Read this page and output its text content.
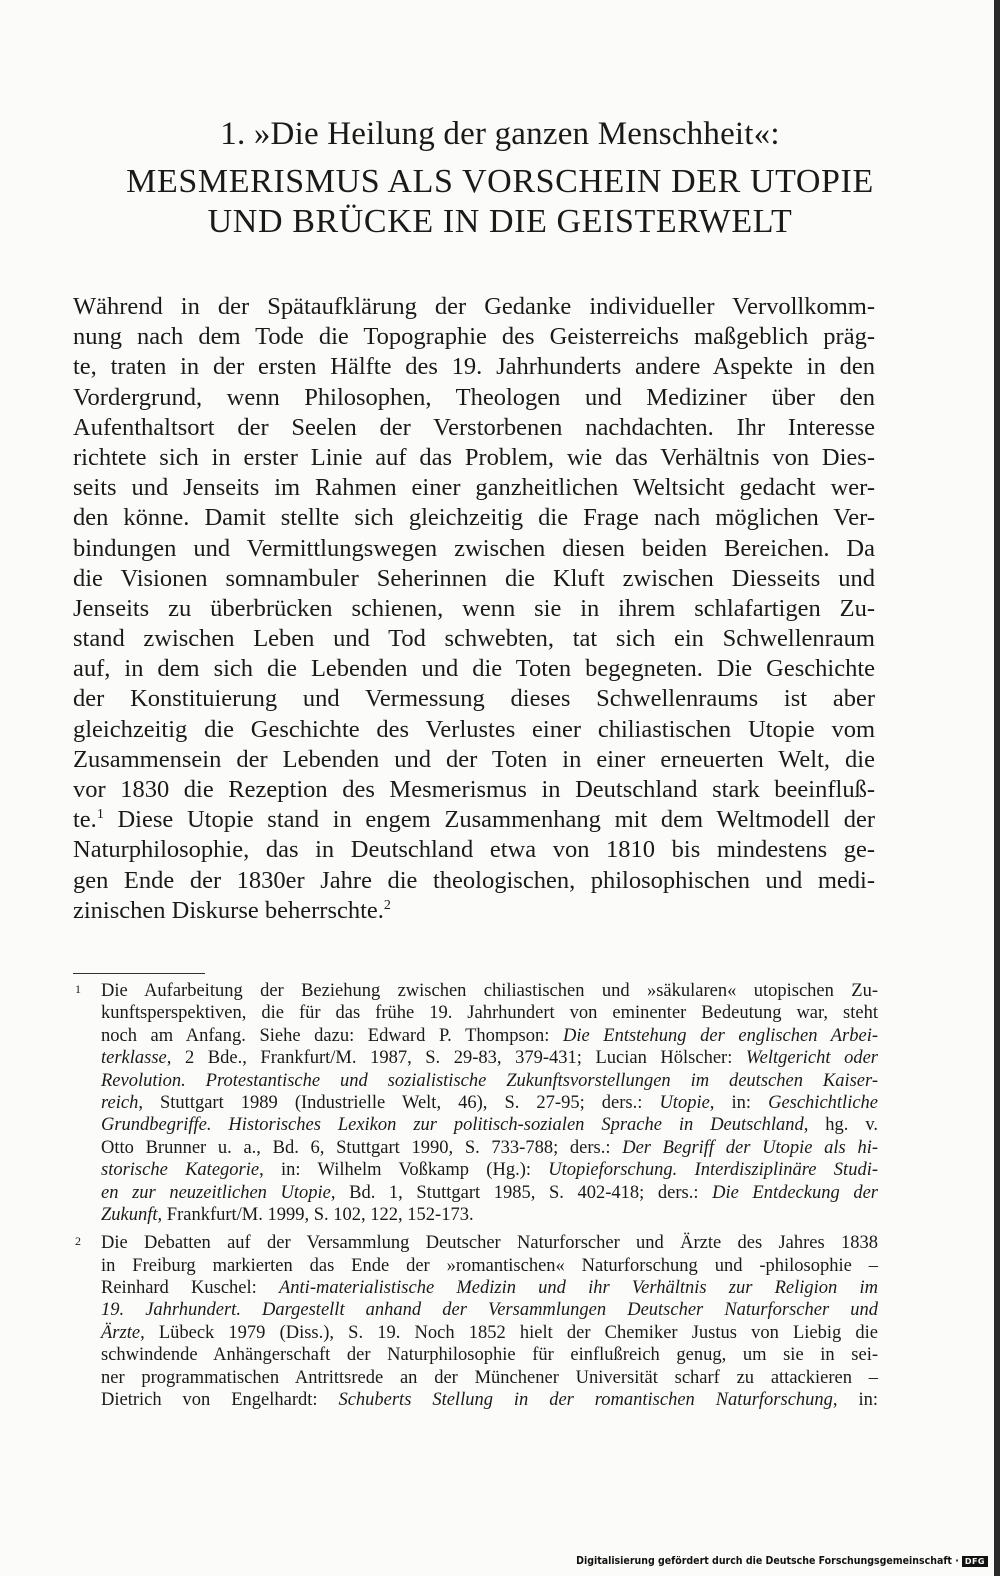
1. »Die Heilung der ganzen Menschheit«:
MESMERISMUS ALS VORSCHEIN DER UTOPIE
UND BRÜCKE IN DIE GEISTERWELT
Während in der Spätaufklärung der Gedanke individueller Vervollkomm-
nung nach dem Tode die Topographie des Geisterreichs maßgeblich präg-
te, traten in der ersten Hälfte des 19. Jahrhunderts andere Aspekte in den
Vordergrund, wenn Philosophen, Theologen und Mediziner über den
Aufenthaltsort der Seelen der Verstorbenen nachdachten. Ihr Interesse
richtete sich in erster Linie auf das Problem, wie das Verhältnis von Dies-
seits und Jenseits im Rahmen einer ganzheitlichen Weltsicht gedacht wer-
den könne. Damit stellte sich gleichzeitig die Frage nach möglichen Ver-
bindungen und Vermittlungswegen zwischen diesen beiden Bereichen. Da
die Visionen somnambuler Seherinnen die Kluft zwischen Diesseits und
Jenseits zu überbrücken schienen, wenn sie in ihrem schlafartigen Zu-
stand zwischen Leben und Tod schwebten, tat sich ein Schwellenraum
auf, in dem sich die Lebenden und die Toten begegneten. Die Geschichte
der Konstituierung und Vermessung dieses Schwellenraums ist aber
gleichzeitig die Geschichte des Verlustes einer chiliastischen Utopie vom
Zusammensein der Lebenden und der Toten in einer erneuerten Welt, die
vor 1830 die Rezeption des Mesmerismus in Deutschland stark beeinfluß-
te.$^1$ Diese Utopie stand in engem Zusammenhang mit dem Weltmodell der
Naturphilosophie, das in Deutschland etwa von 1810 bis mindestens ge-
gen Ende der 1830er Jahre die theologischen, philosophischen und medi-
zinischen Diskurse beherrschte.$^2$
1 Die Aufarbeitung der Beziehung zwischen chiliastischen und »säkularen« utopischen Zu-
kunftsperspektiven, die für das frühe 19. Jahrhundert von eminenter Bedeutung war, steht
noch am Anfang. Siehe dazu: Edward P. Thompson: Die Entstehung der englischen Arbei-
terklasse, 2 Bde., Frankfurt/M. 1987, S. 29-83, 379-431; Lucian Hölscher: Weltgericht oder
Revolution. Protestantische und sozialistische Zukunftsvorstellungen im deutschen Kaiser-
reich, Stuttgart 1989 (Industrielle Welt, 46), S. 27-95; ders.: Utopie, in: Geschichtliche
Grundbegriffe. Historisches Lexikon zur politisch-sozialen Sprache in Deutschland, hg. v.
Otto Brunner u. a., Bd. 6, Stuttgart 1990, S. 733-788; ders.: Der Begriff der Utopie als hi-
storische Kategorie, in: Wilhelm Voßkamp (Hg.): Utopieforschung. Interdisziplinäre Studi-
en zur neuzeitlichen Utopie, Bd. 1, Stuttgart 1985, S. 402-418; ders.: Die Entdeckung der
Zukunft, Frankfurt/M. 1999, S. 102, 122, 152-173.
2 Die Debatten auf der Versammlung Deutscher Naturforscher und Ärzte des Jahres 1838
in Freiburg markierten das Ende der »romantischen« Naturforschung und -philosophie –
Reinhard Kuschel: Anti-materialistische Medizin und ihr Verhältnis zur Religion im
19. Jahrhundert. Dargestellt anhand der Versammlungen Deutscher Naturforscher und
Ärzte, Lübeck 1979 (Diss.), S. 19. Noch 1852 hielt der Chemiker Justus von Liebig die
schwindende Anhängerschaft der Naturphilosophie für einflußreich genug, um sie in sei-
ner programmatischen Antrittsrede an der Münchener Universität scharf zu attackieren –
Dietrich von Engelhardt: Schuberts Stellung in der romantischen Naturforschung, in:
Digitalisierung gefördert durch die Deutsche Forschungsgemeinschaft · DFG
